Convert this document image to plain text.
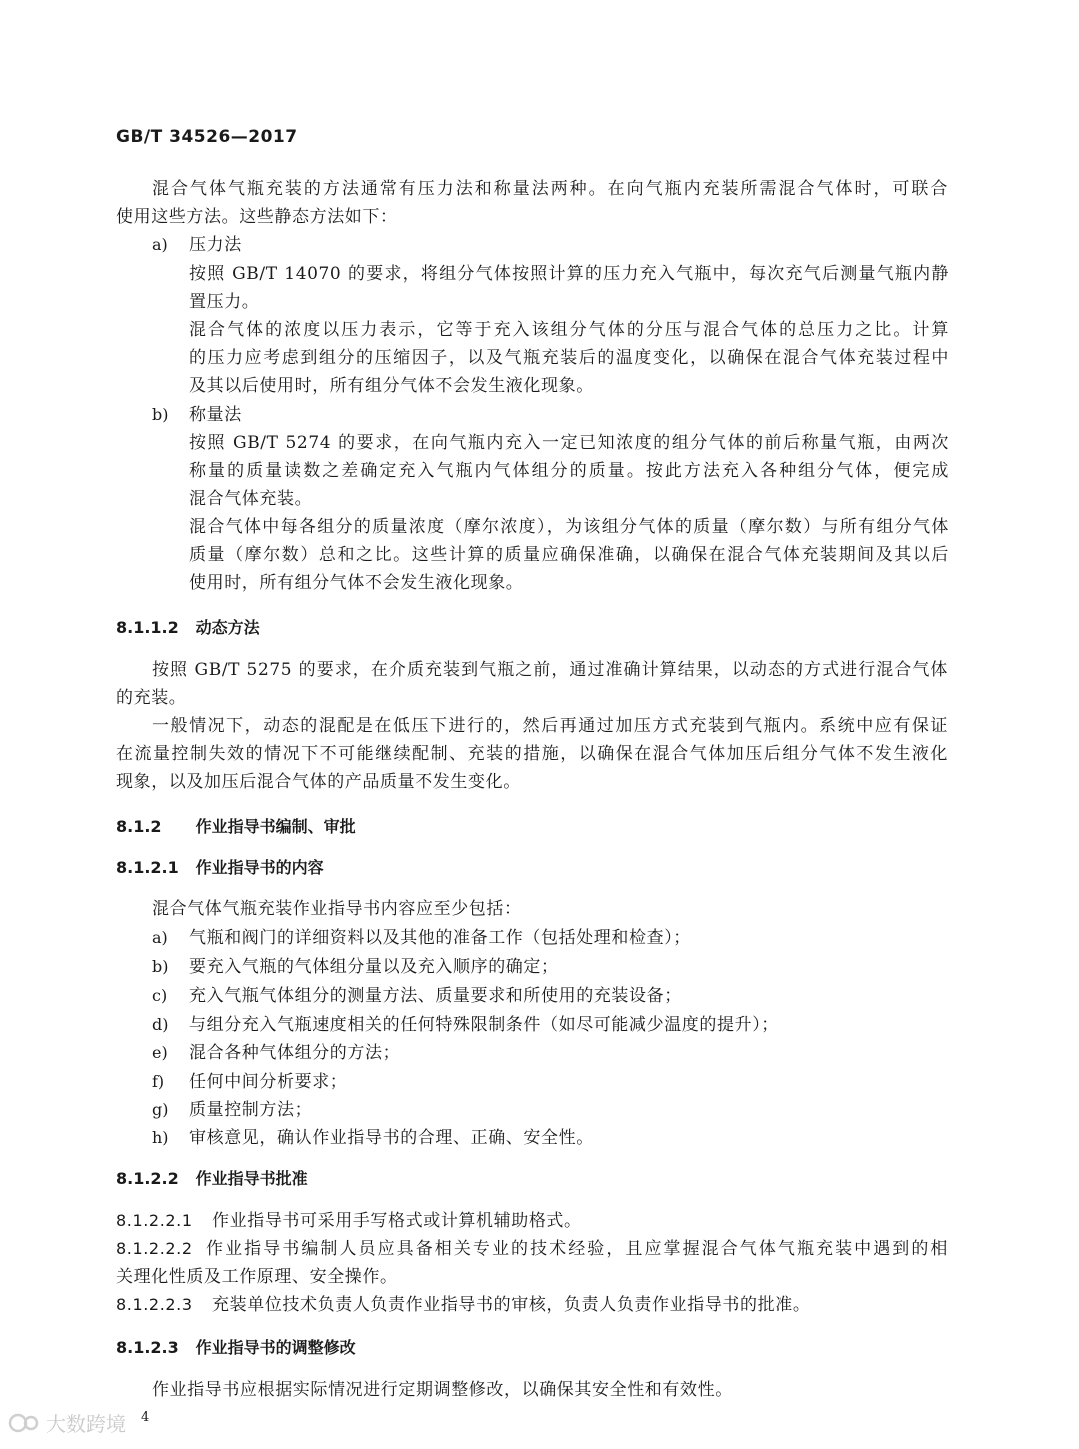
GB/T 34526—2017
混合气体气瓶充装的方法通常有压力法和称量法两种。在向气瓶内充装所需混合气体时，可联合
使用这些方法。这些静态方法如下：
a) 压力法
按照 GB/T 14070 的要求，将组分气体按照计算的压力充入气瓶中，每次充气后测量气瓶内静
置压力。
混合气体的浓度以压力表示，它等于充入该组分气体的分压与混合气体的总压力之比。计算
的压力应考虑到组分的压缩因子，以及气瓶充装后的温度变化，以确保在混合气体充装过程中
及其以后使用时，所有组分气体不会发生液化现象。
b) 称量法
按照 GB/T 5274 的要求，在向气瓶内充入一定已知浓度的组分气体的前后称量气瓶，由两次
称量的质量读数之差确定充入气瓶内气体组分的质量。按此方法充入各种组分气体，便完成
混合气体充装。
混合气体中每各组分的质量浓度（摩尔浓度），为该组分气体的质量（摩尔数）与所有组分气体
质量（摩尔数）总和之比。这些计算的质量应确保准确，以确保在混合气体充装期间及其以后
使用时，所有组分气体不会发生液化现象。
8.1.1.2 动态方法
按照 GB/T 5275 的要求，在介质充装到气瓶之前，通过准确计算结果，以动态的方式进行混合气体
的充装。
一般情况下，动态的混配是在低压下进行的，然后再通过加压方式充装到气瓶内。系统中应有保证
在流量控制失效的情况下不可能继续配制、充装的措施，以确保在混合气体加压后组分气体不发生液化
现象，以及加压后混合气体的产品质量不发生变化。
8.1.2 作业指导书编制、审批
8.1.2.1 作业指导书的内容
混合气体气瓶充装作业指导书内容应至少包括：
a) 气瓶和阀门的详细资料以及其他的准备工作（包括处理和检查）；
b) 要充入气瓶的气体组分量以及充入顺序的确定；
c) 充入气瓶气体组分的测量方法、质量要求和所使用的充装设备；
d) 与组分充入气瓶速度相关的任何特殊限制条件（如尽可能减少温度的提升）；
e) 混合各种气体组分的方法；
f) 任何中间分析要求；
g) 质量控制方法；
h) 审核意见，确认作业指导书的合理、正确、安全性。
8.1.2.2 作业指导书批准
8.1.2.2.1 作业指导书可采用手写格式或计算机辅助格式。
8.1.2.2.2 作业指导书编制人员应具备相关专业的技术经验，且应掌握混合气体气瓶充装中遇到的相
关理化性质及工作原理、安全操作。
8.1.2.2.3 充装单位技术负责人负责作业指导书的审核，负责人负责作业指导书的批准。
8.1.2.3 作业指导书的调整修改
作业指导书应根据实际情况进行定期调整修改，以确保其安全性和有效性。
4
大数跨境
